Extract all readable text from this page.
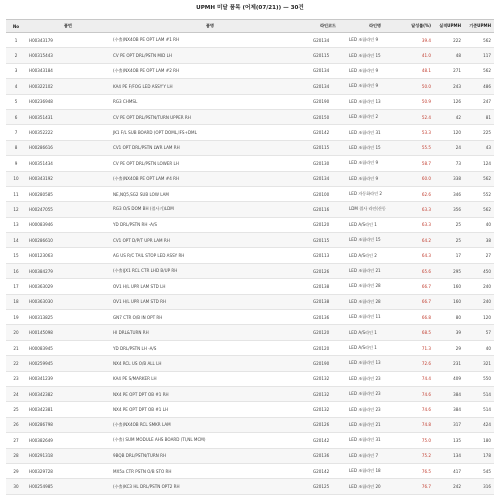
UPMH 미달 품목 (어제(07/21)) — 30건
No	품번	품명	라인코드	라인명	달성률(%)	실적UPMH	기준UPMH
1	H00343179	(수출)NX4OB PE OPT LAM #1 RH	G20134	LED 조립라인 9	39.4	222	562
2	H00315443	CV PE OPT DRL/PSTN MID LH	G20115	LED 조립라인 15	41.0	48	117
3	H00343184	(수출)NX4OB PE OPT LAM #2 RH	G20134	LED 조립라인 9	48.1	271	562
4	H00322102	KA4 PE F/FOG LED ASSY'Y LH	G20134	LED 조립라인 9	50.0	243	486
5	H00236948	RG3 CHMSL	G20190	LED 조립라인 13	50.9	126	247
6	H00351431	CV PE OPT DRL/PSTN/TURN UPPER RH	G20150	LED 조립라인 2	52.4	42	81
7	H00352222	JK1 F/L SUB BOARD (OPT DOML,IFS+DML	G20142	LED 조립라인 31	53.3	120	225
8	H00286616	CV1 OPT DRL/PSTN LWR LAM RH	G20115	LED 조립라인 15	55.5	24	43
9	H00351434	CV PE OPT DRL/PSTN LOWER LH	G20130	LED 조립라인 9	58.7	73	124
10	H00343192	(수출)NX4OB PE OPT LAM #4 RH	G20134	LED 조립라인 9	60.0	338	562
11	H00280585	NE,NQ5,SG2 SUB LOW LAM	G20100	LED 자동화라인 2	62.6	346	552
12	H00247055	RG3 O/S DOM BH (접사기)LDM	G20116	LDM 접사 라인(산동	63.3	356	562
13	H00083946	YD DRL/PSTN RH -A/S	G20120	LED A/S라인 1	63.3	25	40
14	H00286610	CV1 OPT D/P/T UPR LAM RH	G20115	LED 조립라인 15	64.2	25	38
15	H00123063	AG US R/C TAIL STOP LED ASSY RH	G20113	LED A/S라인 2	64.3	17	27
16	H00384279	(수출)JX1 RCL CTR LHD B/UP RH	G20126	LED 조립라인 21	65.6	295	450
17	H00363029	OV1 H/L UPR LAM STD LH	G20138	LED 조립라인 28	66.7	160	240
18	H00363030	OV1 H/L UPR LAM STD RH	G20138	LED 조립라인 28	66.7	160	240
19	H00313825	GN7 CTR O/B IN OPT RH	G20136	LED 조립라인 11	66.8	80	120
20	H00145098	HI DRL&TURN RH	G20120	LED A/S라인 1	68.5	39	57
21	H00083945	YD DRL/PSTN LH -A/S	G20120	LED A/S라인 1	71.3	29	40
22	H00259945	NX4 RCL US O/B ALL LH	G20190	LED 조립라인 13	72.6	231	321
23	H00341239	KA4 PE S/MARKER LH	G20132	LED 조립라인 23	74.4	409	550
24	H00342382	NX4 PE OPT DPT OB #1 RH	G20132	LED 조립라인 23	74.6	384	514
25	H00342381	NX4 PE OPT DPT OB #1 LH	G20132	LED 조립라인 23	74.6	384	514
26	H00286798	(수출)NX4OB RCL SMKR LAM	G20126	LED 조립라인 21	74.8	317	424
27	H00382649	(수출) SUM MODULE AHS BOARD (TI,NL MCM)	G20142	LED 조립라인 31	75.0	135	180
28	H00291318	9BQB DRL/PSTN/TURN RH	G20136	LED 조립라인 7	75.2	134	178
29	H00329728	MX5a CTR PSTN O/B STO RH	G20142	LED 조립라인 18	76.5	417	545
30	H00254985	(수출)KC3 HL DRL/PSTN OPT2 RH	G20125	LED 조립라인 20	76.7	242	316
